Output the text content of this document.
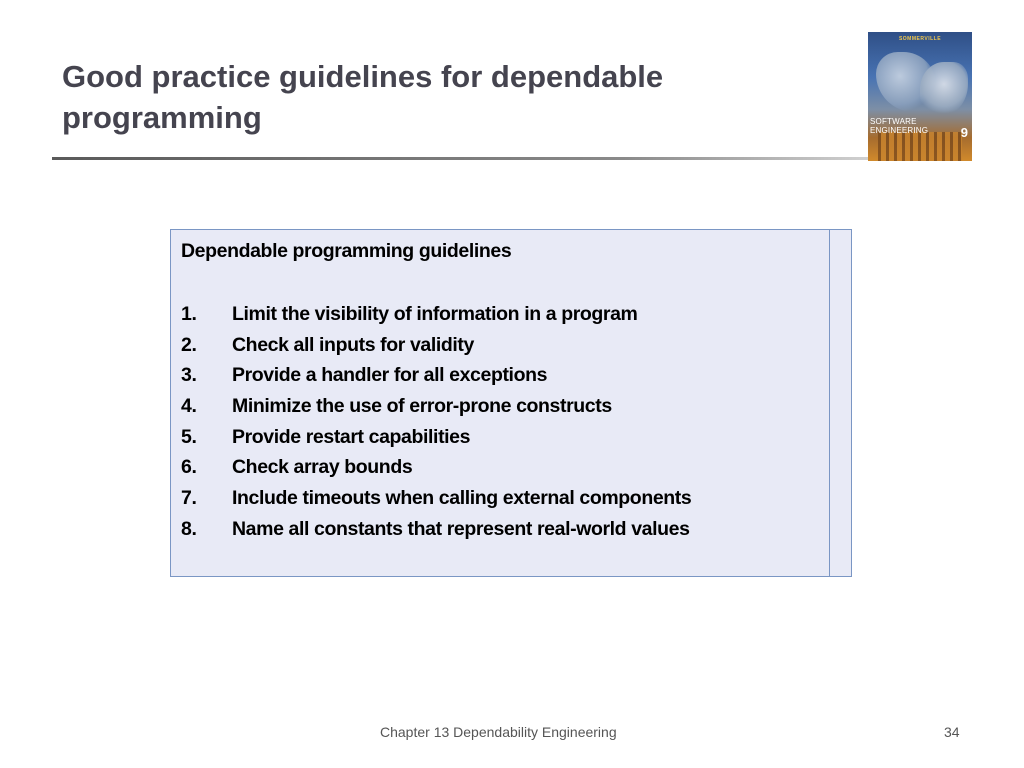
Good practice guidelines for dependable programming
SOMMERVILLE
SOFTWARE ENGINEERING	9
Dependable programming guidelines
1. Limit the visibility of information in a program
2. Check all inputs for validity
3. Provide a handler for all exceptions
4. Minimize the use of error-prone constructs
5. Provide restart capabilities
6. Check array bounds
7. Include timeouts when calling external components
8. Name all constants that represent real-world values
Chapter 13 Dependability Engineering	34
